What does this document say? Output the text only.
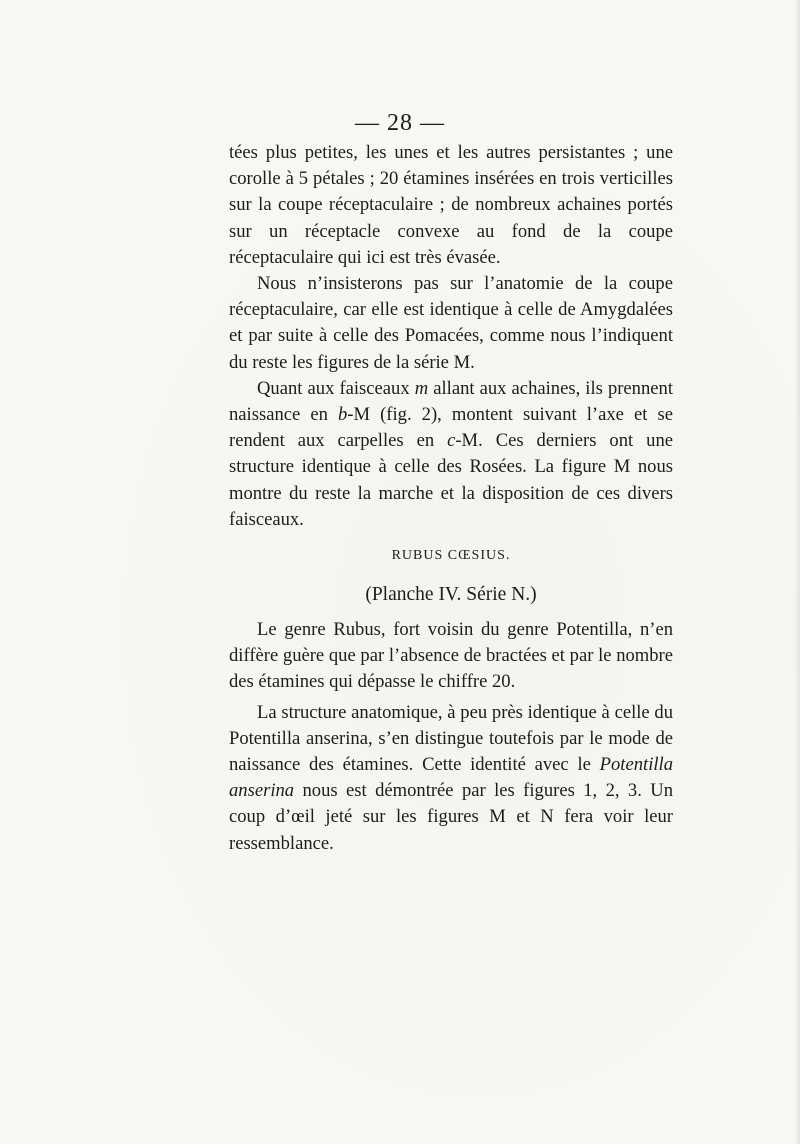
— 28 —

tées plus petites, les unes et les autres persistantes ; une corolle à 5 pétales ; 20 étamines insérées en trois verticilles sur la coupe réceptaculaire ; de nombreux achaines portés sur un réceptacle convexe au fond de la coupe réceptaculaire qui ici est très évasée.

Nous n’insisterons pas sur l’anatomie de la coupe réceptaculaire, car elle est identique à celle de Amygdalées et par suite à celle des Pomacées, comme nous l’indiquent du reste les figures de la série M.

Quant aux faisceaux m allant aux achaines, ils prennent naissance en b-M (fig. 2), montent suivant l’axe et se rendent aux carpelles en c-M. Ces derniers ont une structure identique à celle des Rosées. La figure M nous montre du reste la marche et la disposition de ces divers faisceaux.

RUBUS CŒSIUS.
(Planche IV. Série N.)

Le genre Rubus, fort voisin du genre Potentilla, n’en diffère guère que par l’absence de bractées et par le nombre des étamines qui dépasse le chiffre 20.

La structure anatomique, à peu près identique à celle du Potentilla anserina, s’en distingue toutefois par le mode de naissance des étamines. Cette identité avec le Potentilla anserina nous est démontrée par les figures 1, 2, 3. Un coup d’œil jeté sur les figures M et N fera voir leur ressemblance.
